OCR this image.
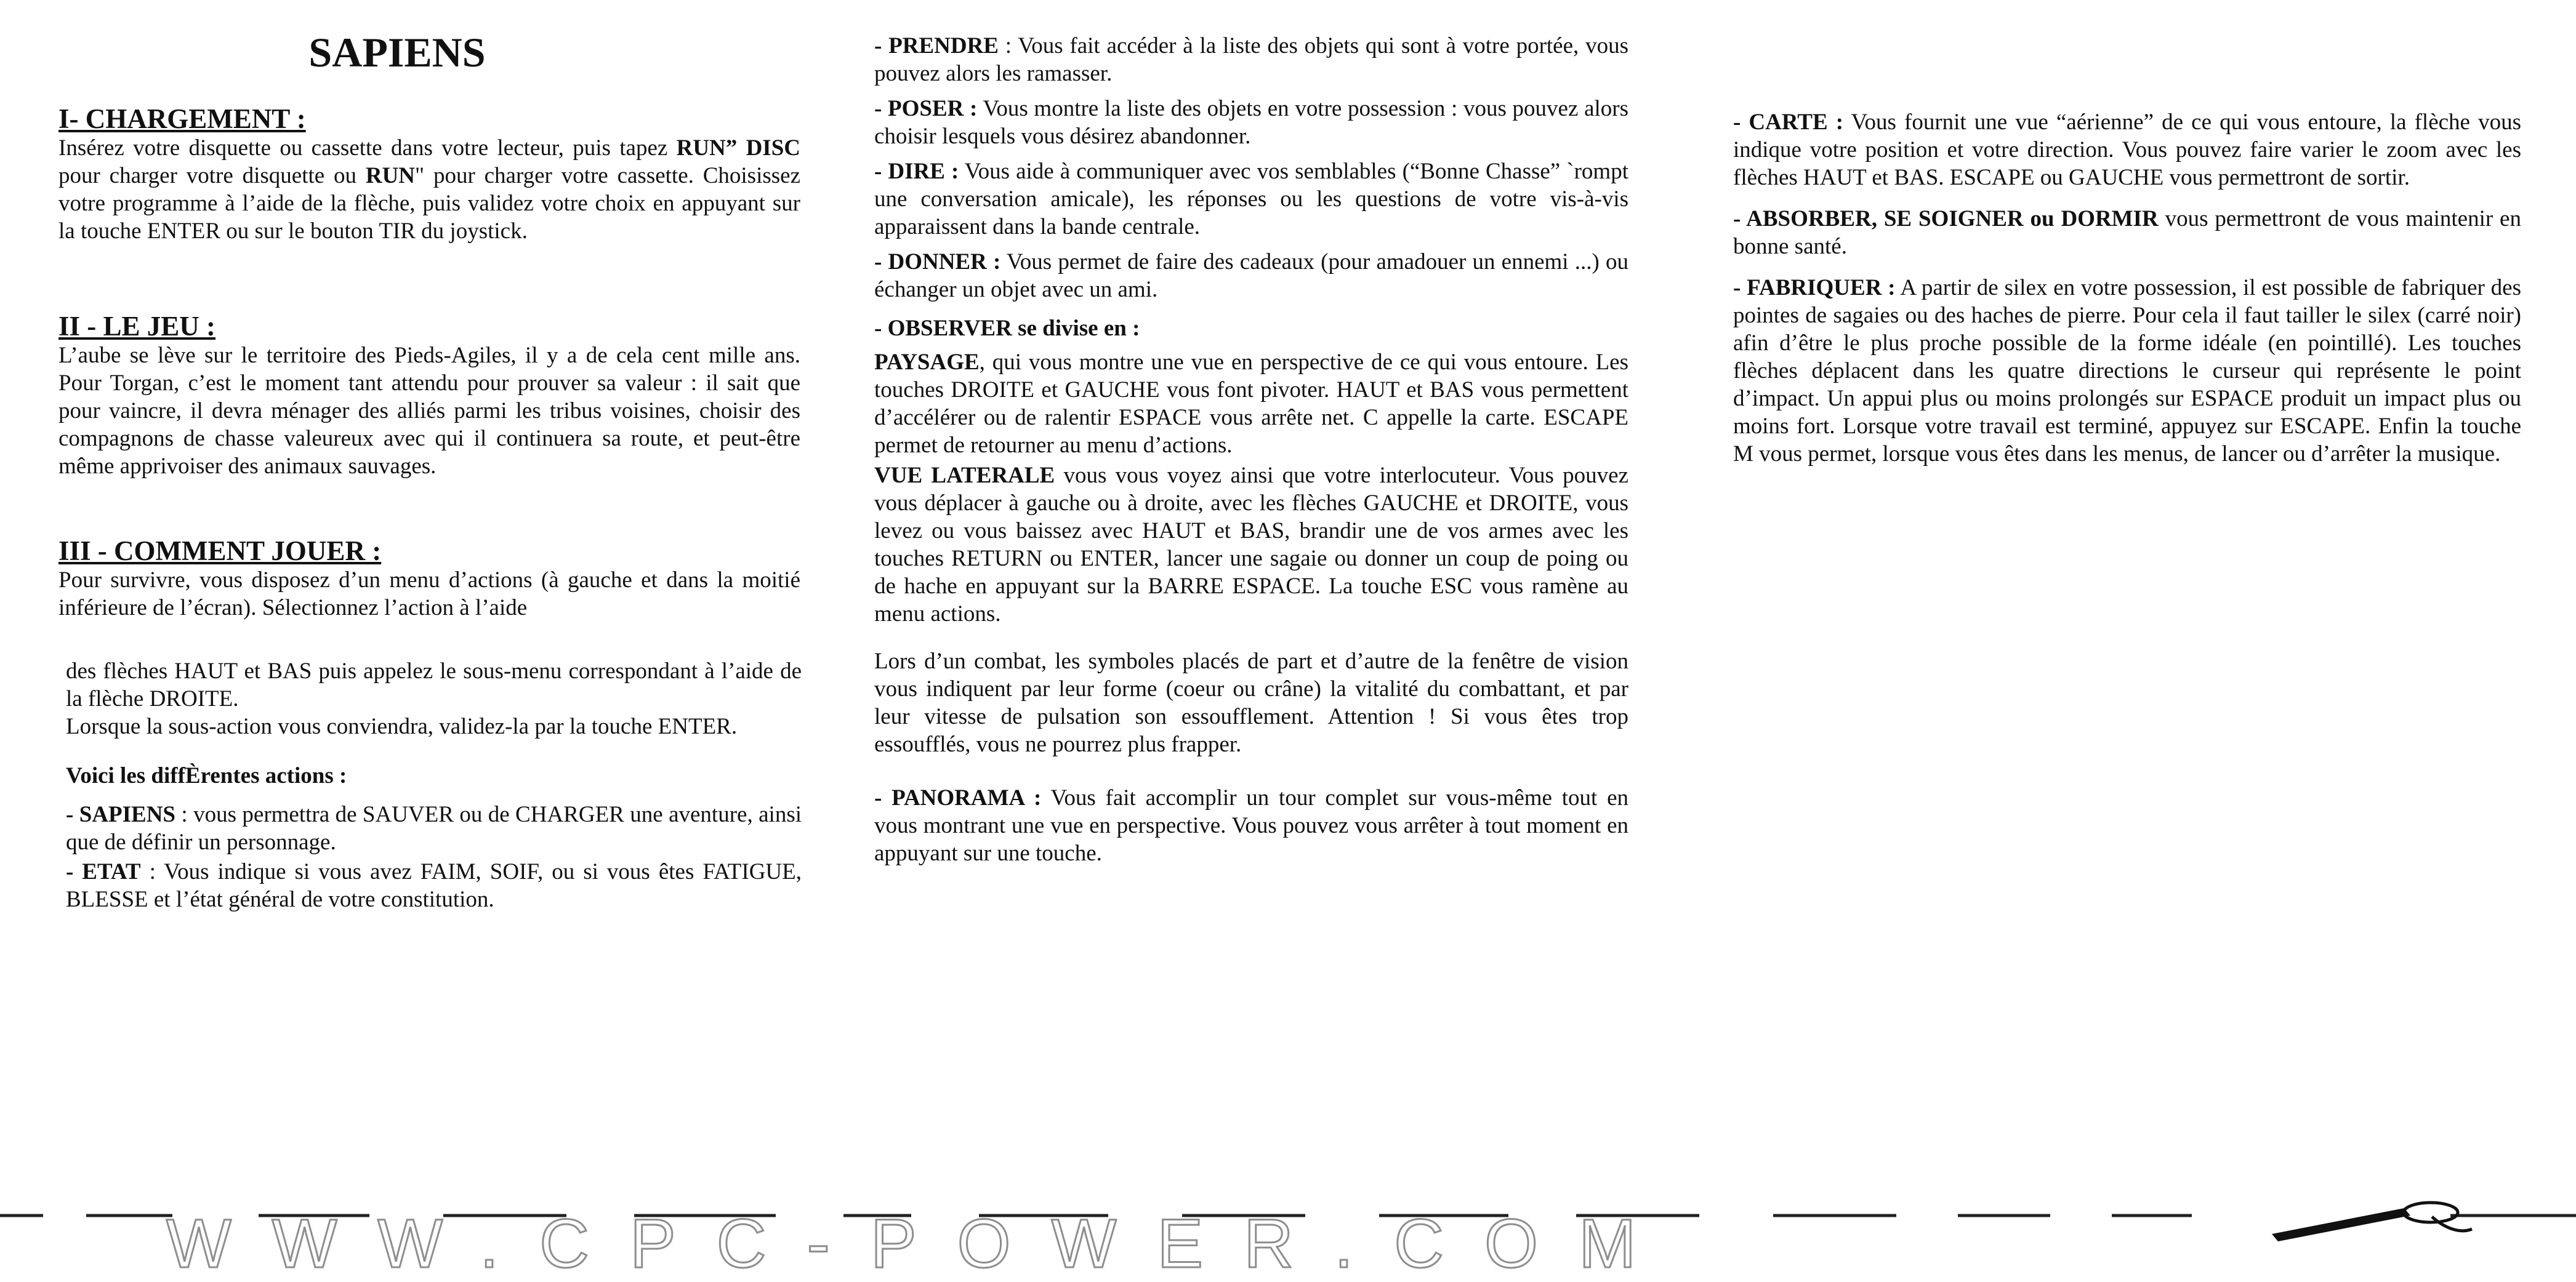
SAPIENS
I- CHARGEMENT :

Insérez votre disquette ou cassette dans votre lecteur, puis tapez RUN” DISC pour charger votre disquette ou RUN" pour charger votre cassette. Choisissez votre programme à l’aide de la flèche, puis validez votre choix en appuyant sur la touche ENTER ou sur le bouton TIR du joystick.

II - LE JEU :

L’aube se lève sur le territoire des Pieds-Agiles, il y a de cela cent mille ans. Pour Torgan, c’est le moment tant attendu pour prouver sa valeur : il sait que pour vaincre, il devra ménager des alliés parmi les tribus voisines, choisir des compagnons de chasse valeureux avec qui il continuera sa route, et peut-être même apprivoiser des animaux sauvages.

III - COMMENT JOUER :

Pour survivre, vous disposez d’un menu d’actions (à gauche et dans la moitié inférieure de l’écran). Sélectionnez l’action à l’aide

des flèches HAUT et BAS puis appelez le sous-menu correspondant à l’aide de la flèche DROITE.

Lorsque la sous-action vous conviendra, validez-la par la touche ENTER.

Voici les diffÈrentes actions :

- SAPIENS : vous permettra de SAUVER ou de CHARGER une aventure, ainsi que de définir un personnage.

- ETAT : Vous indique si vous avez FAIM, SOIF, ou si vous êtes FATIGUE, BLESSE et l’état général de votre constitution.

- PRENDRE : Vous fait accéder à la liste des objets qui sont à votre portée, vous pouvez alors les ramasser.

- POSER : Vous montre la liste des objets en votre possession : vous pouvez alors choisir lesquels vous désirez abandonner.

- DIRE : Vous aide à communiquer avec vos semblables (“Bonne Chasse” `rompt une conversation amicale), les réponses ou les questions de votre vis-à-vis apparaissent dans la bande centrale.

- DONNER : Vous permet de faire des cadeaux (pour amadouer un ennemi ...) ou échanger un objet avec un ami.

- OBSERVER se divise en :

PAYSAGE, qui vous montre une vue en perspective de ce qui vous entoure. Les touches DROITE et GAUCHE vous font pivoter. HAUT et BAS vous permettent d’accélérer ou de ralentir ESPACE vous arrête net. C appelle la carte. ESCAPE permet de retourner au menu d’actions.

VUE LATERALE vous vous voyez ainsi que votre interlocuteur. Vous pouvez vous déplacer à gauche ou à droite, avec les flèches GAUCHE et DROITE, vous levez ou vous baissez avec HAUT et BAS, brandir une de vos armes avec les touches RETURN ou ENTER, lancer une sagaie ou donner un coup de poing ou de hache en appuyant sur la BARRE ESPACE. La touche ESC vous ramène au menu actions.

Lors d’un combat, les symboles placés de part et d’autre de la fenêtre de vision vous indiquent par leur forme (coeur ou crâne) la vitalité du combattant, et par leur vitesse de pulsation son essoufflement. Attention ! Si vous êtes trop essoufflés, vous ne pourrez plus frapper.

- PANORAMA : Vous fait accomplir un tour complet sur vous-même tout en vous montrant une vue en perspective. Vous pouvez vous arrêter à tout moment en appuyant sur une touche.

- CARTE : Vous fournit une vue “aérienne” de ce qui vous entoure, la flèche vous indique votre position et votre direction. Vous pouvez faire varier le zoom avec les flèches HAUT et BAS. ESCAPE ou GAUCHE vous permettront de sortir.

- ABSORBER, SE SOIGNER ou DORMIR vous permettront de vous maintenir en bonne santé.

- FABRIQUER : A partir de silex en votre possession, il est possible de fabriquer des pointes de sagaies ou des haches de pierre. Pour cela il faut tailler le silex (carré noir) afin d’être le plus proche possible de la forme idéale (en pointillé). Les touches flèches déplacent dans les quatre directions le curseur qui représente le point d’impact. Un appui plus ou moins prolongés sur ESPACE produit un impact plus ou moins fort. Lorsque votre travail est terminé, appuyez sur ESCAPE. Enfin la touche M vous permet, lorsque vous êtes dans les menus, de lancer ou d’arrêter la musique.

WWW.CPC-POWER.COM
